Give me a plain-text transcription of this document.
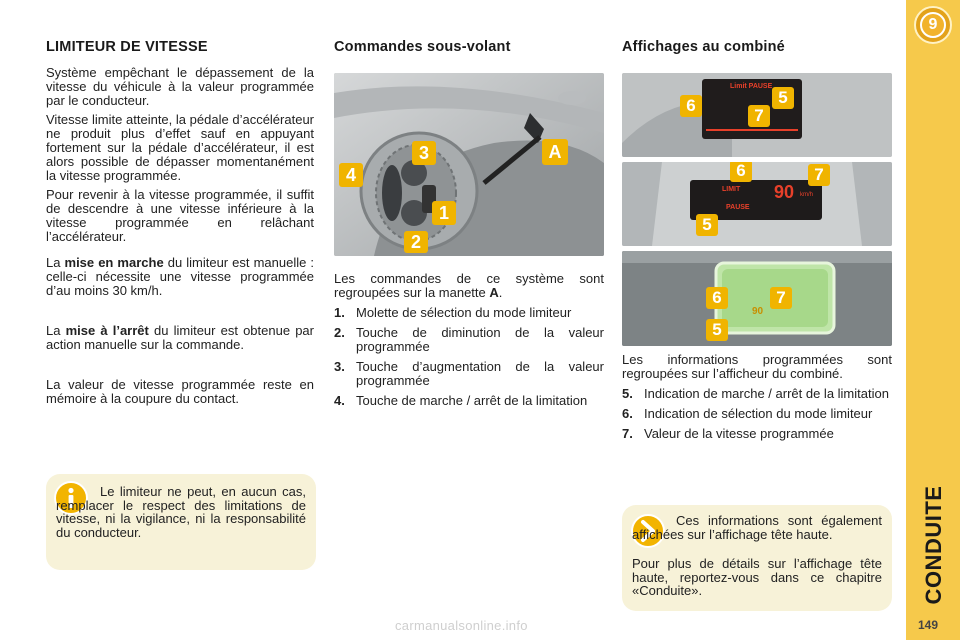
9
CONDUITE
149
carmanualsonline.info
LIMITEUR DE VITESSE

Système empêchant le dépassement de la vitesse du véhicule à la valeur programmée par le conducteur.

Vitesse limite atteinte, la pédale d’accélérateur ne produit plus d’effet sauf en appuyant fortement sur la pédale d’accélérateur, il est alors possible de dépasser momentanément la vitesse programmée.

Pour revenir à la vitesse programmée, il suffit de descendre à une vitesse inférieure à la vitesse programmée en relâchant l’accélérateur.

La mise en marche du limiteur est manuelle : celle-ci nécessite une vitesse programmée d’au moins 30 km/h.

La mise à l’arrêt du limiteur est obtenue par action manuelle sur la commande.

La valeur de vitesse programmée reste en mémoire à la coupure du contact.

Le limiteur ne peut, en aucun cas, remplacer le respect des limitations de vitesse, ni la vigilance, ni la responsabilité du conducteur.

Commandes sous-volant
3
4
1
2
A

Les commandes de ce système sont regroupées sur la manette A.

1. Molette de sélection du mode limiteur
2. Touche de diminution de la valeur programmée
3. Touche d’augmentation de la valeur programmée
4. Touche de marche / arrêt de la limitation
Affichages au combiné
Limit PAUSE
6
7
5
LIMIT 90 km/h
PAUSE
6	7
5
90
6	7
5

Les informations programmées sont regroupées sur l’afficheur du combiné.

5. Indication de marche / arrêt de la limitation
6. Indication de sélection du mode limiteur
7. Valeur de la vitesse programmée

Ces informations sont également affichées sur l’affichage tête haute.

Pour plus de détails sur l’affichage tête haute, reportez-vous dans ce chapitre «Conduite».
